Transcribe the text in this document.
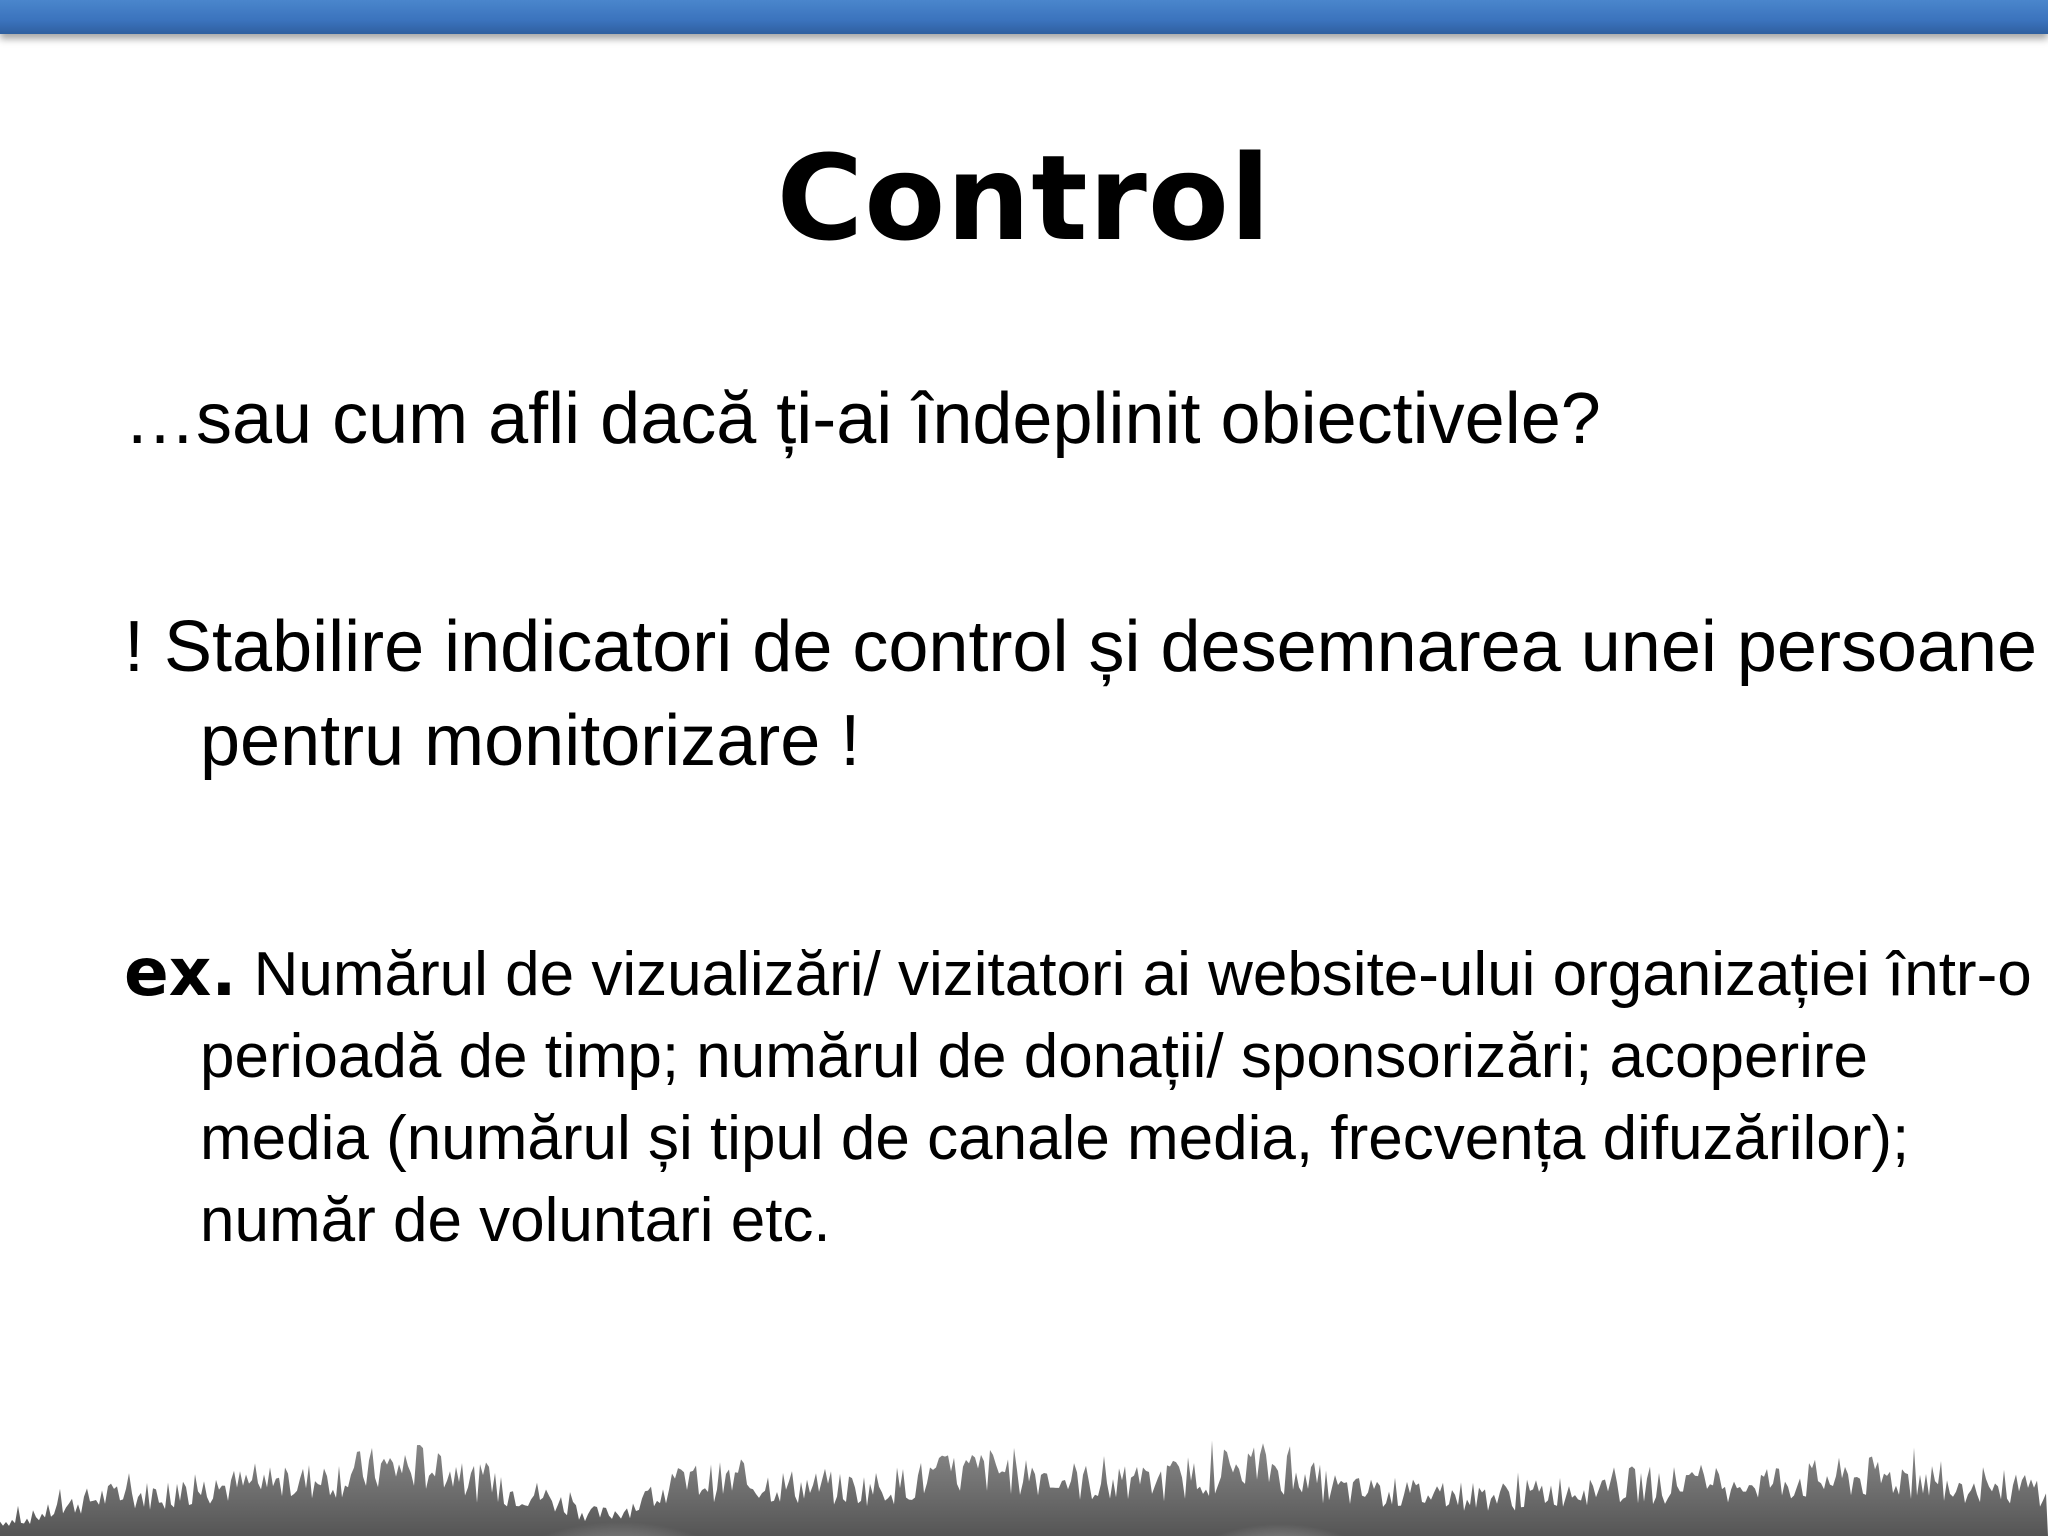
Control

…sau cum afli dacă ți-ai îndeplinit obiectivele?

! Stabilire indicatori de control și desemnarea unei persoane pentru monitorizare !

ex. Numărul de vizualizări/ vizitatori ai website-ului organizației într-o perioadă de timp; numărul de donații/ sponsorizări; acoperire media (numărul și tipul de canale media, frecvența difuzărilor); număr de voluntari etc.
